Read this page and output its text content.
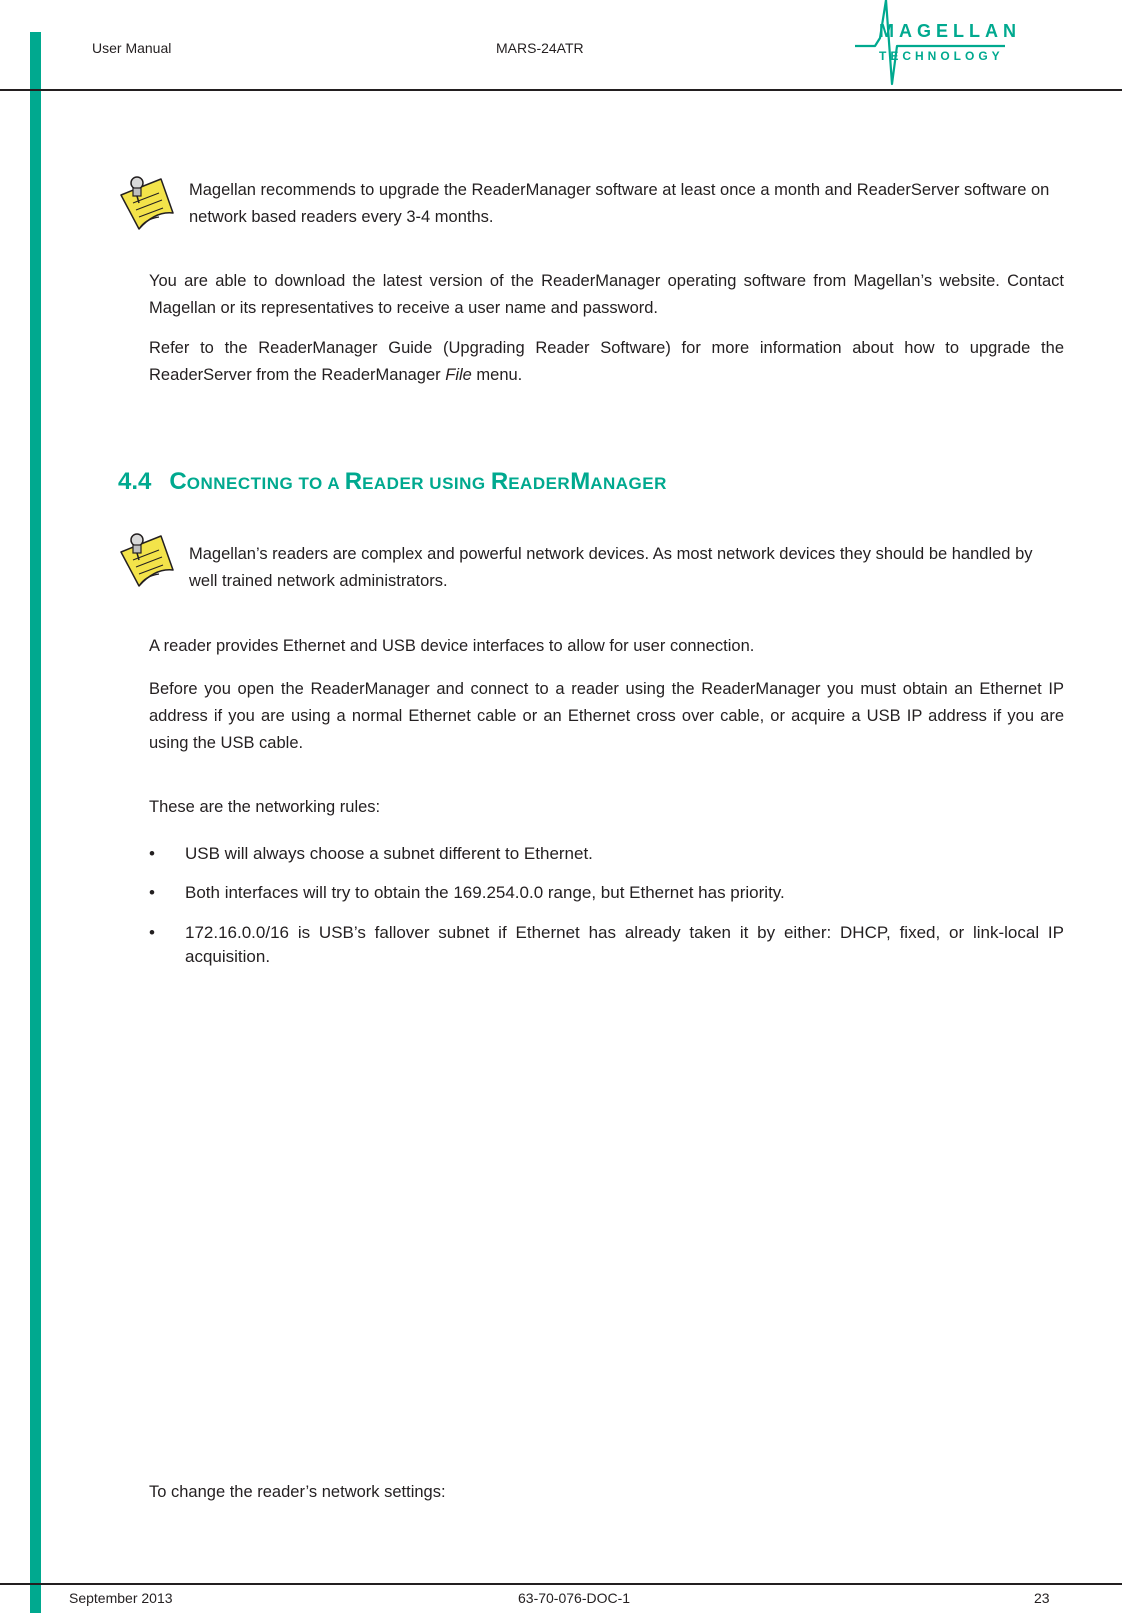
User Manual	MARS-24ATR
MAGELLAN
TECHNOLOGY
Magellan recommends to upgrade the ReaderManager software at least once a month and ReaderServer software on network based readers every 3-4 months.
You are able to download the latest version of the ReaderManager operating software from Magellan’s website. Contact Magellan or its representatives to receive a user name and password.
Refer to the ReaderManager Guide (Upgrading Reader Software) for more information about how to upgrade the ReaderServer from the ReaderManager File menu.
4.4 CONNECTING TO A READER USING READERMANAGER
Magellan’s readers are complex and powerful network devices. As most network devices they should be handled by well trained network administrators.
A reader provides Ethernet and USB device interfaces to allow for user connection.
Before you open the ReaderManager and connect to a reader using the ReaderManager you must obtain an Ethernet IP address if you are using a normal Ethernet cable or an Ethernet cross over cable, or acquire a USB IP address if you are using the USB cable.
These are the networking rules:
• USB will always choose a subnet different to Ethernet.
• Both interfaces will try to obtain the 169.254.0.0 range, but Ethernet has priority.
• 172.16.0.0/16 is USB’s fallover subnet if Ethernet has already taken it by either: DHCP, fixed, or link-local IP acquisition.
To change the reader’s network settings:
September 2013	63-70-076-DOC-1	23
